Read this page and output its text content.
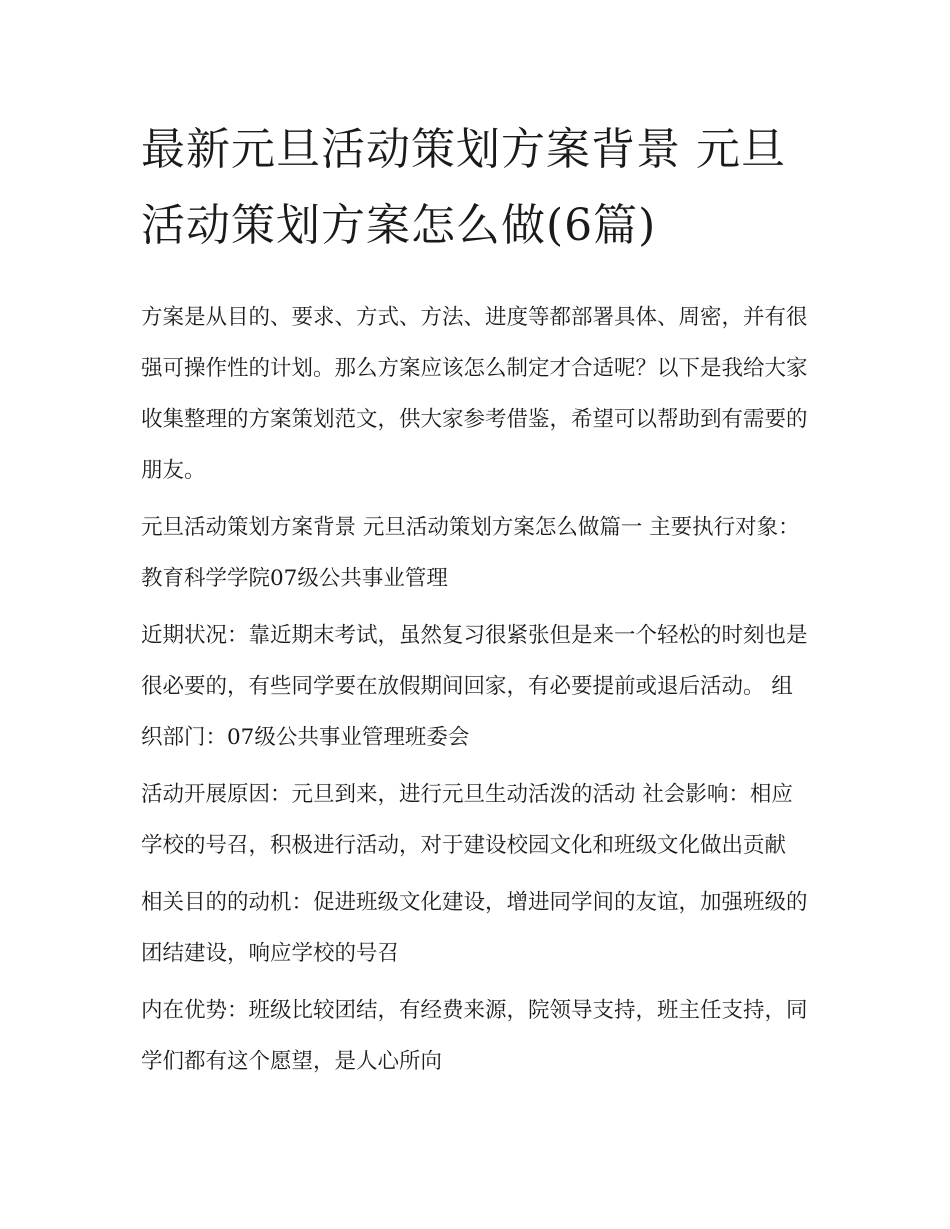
最新元旦活动策划方案背景 元旦活动策划方案怎么做(6篇)

方案是从目的、要求、方式、方法、进度等都部署具体、周密，并有很强可操作性的计划。那么方案应该怎么制定才合适呢？以下是我给大家收集整理的方案策划范文，供大家参考借鉴，希望可以帮助到有需要的朋友。

元旦活动策划方案背景 元旦活动策划方案怎么做篇一 主要执行对象：教育科学学院07级公共事业管理

近期状况：靠近期末考试，虽然复习很紧张但是来一个轻松的时刻也是很必要的，有些同学要在放假期间回家，有必要提前或退后活动。 组织部门：07级公共事业管理班委会

活动开展原因：元旦到来，进行元旦生动活泼的活动 社会影响：相应学校的号召，积极进行活动，对于建设校园文化和班级文化做出贡献

相关目的的动机：促进班级文化建设，增进同学间的友谊，加强班级的团结建设，响应学校的号召

内在优势：班级比较团结，有经费来源，院领导支持，班主任支持，同学们都有这个愿望，是人心所向
